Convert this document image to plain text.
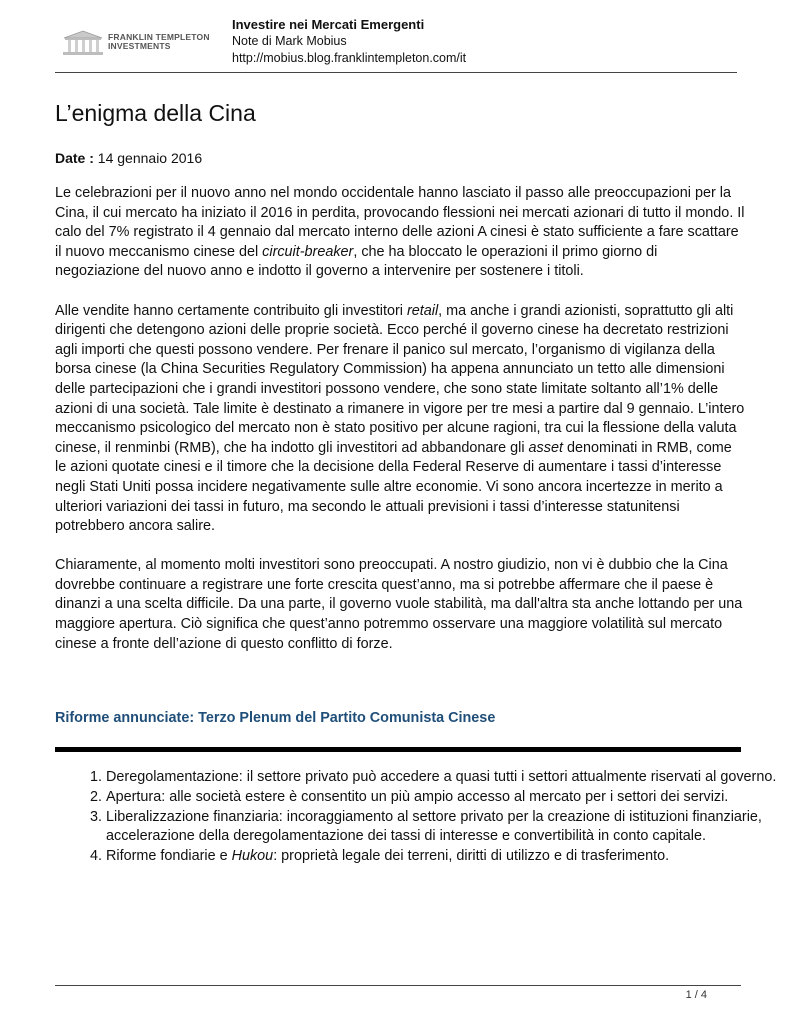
FRANKLIN TEMPLETON
INVESTMENTS
Investire nei Mercati Emergenti
Note di Mark Mobius
http://mobius.blog.franklintempleton.com/it
L’enigma della Cina
Date : 14 gennaio 2016

Le celebrazioni per il nuovo anno nel mondo occidentale hanno lasciato il passo alle preoccupazioni per la Cina, il cui mercato ha iniziato il 2016 in perdita, provocando flessioni nei mercati azionari di tutto il mondo. Il calo del 7% registrato il 4 gennaio dal mercato interno delle azioni A cinesi è stato sufficiente a fare scattare il nuovo meccanismo cinese del circuit-breaker, che ha bloccato le operazioni il primo giorno di negoziazione del nuovo anno e indotto il governo a intervenire per sostenere i titoli.

Alle vendite hanno certamente contribuito gli investitori retail, ma anche i grandi azionisti, soprattutto gli alti dirigenti che detengono azioni delle proprie società. Ecco perché il governo cinese ha decretato restrizioni agli importi che questi possono vendere. Per frenare il panico sul mercato, l’organismo di vigilanza della borsa cinese (la China Securities Regulatory Commission) ha appena annunciato un tetto alle dimensioni delle partecipazioni che i grandi investitori possono vendere, che sono state limitate soltanto all’1% delle azioni di una società. Tale limite è destinato a rimanere in vigore per tre mesi a partire dal 9 gennaio. L’intero meccanismo psicologico del mercato non è stato positivo per alcune ragioni, tra cui la flessione della valuta cinese, il renminbi (RMB), che ha indotto gli investitori ad abbandonare gli asset denominati in RMB, come le azioni quotate cinesi e il timore che la decisione della Federal Reserve di aumentare i tassi d’interesse negli Stati Uniti possa incidere negativamente sulle altre economie. Vi sono ancora incertezze in merito a ulteriori variazioni dei tassi in futuro, ma secondo le attuali previsioni i tassi d’interesse statunitensi potrebbero ancora salire.

Chiaramente, al momento molti investitori sono preoccupati. A nostro giudizio, non vi è dubbio che la Cina dovrebbe continuare a registrare une forte crescita quest’anno, ma si potrebbe affermare che il paese è dinanzi a una scelta difficile. Da una parte, il governo vuole stabilità, ma dall'altra sta anche lottando per una maggiore apertura. Ciò significa che quest’anno potremmo osservare una maggiore volatilità sul mercato cinese a fronte dell’azione di questo conflitto di forze.

Riforme annunciate: Terzo Plenum del Partito Comunista Cinese
1. Deregolamentazione: il settore privato può accedere a quasi tutti i settori attualmente riservati al governo.
2. Apertura: alle società estere è consentito un più ampio accesso al mercato per i settori dei servizi.
3. Liberalizzazione finanziaria: incoraggiamento al settore privato per la creazione di istituzioni finanziarie, accelerazione della deregolamentazione dei tassi di interesse e convertibilità in conto capitale.
4. Riforme fondiarie e Hukou: proprietà legale dei terreni, diritti di utilizzo e di trasferimento.
1 / 4
